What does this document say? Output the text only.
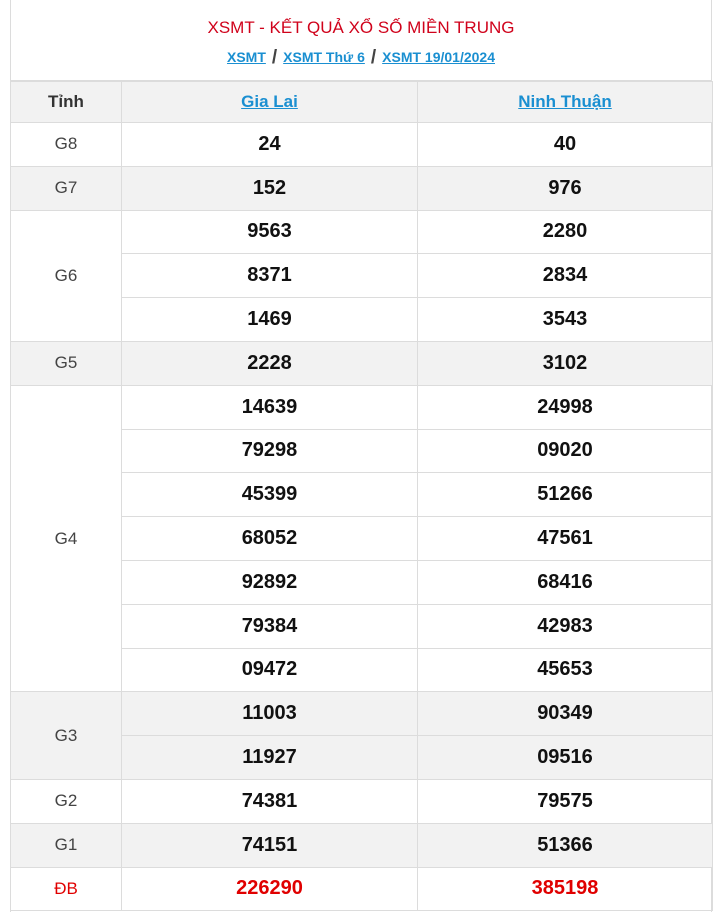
XSMT - KẾT QUẢ XỔ SỐ MIỀN TRUNG
XSMT / XSMT Thứ 6 / XSMT 19/01/2024
Tỉnh	Gia Lai	Ninh Thuận
G8	24	40
G7	152	976
G6	9563	2280
	8371	2834
	1469	3543
G5	2228	3102
G4	14639	24998
	79298	09020
	45399	51266
	68052	47561
	92892	68416
	79384	42983
	09472	45653
G3	11003	90349
	11927	09516
G2	74381	79575
G1	74151	51366
ĐB	226290	385198
